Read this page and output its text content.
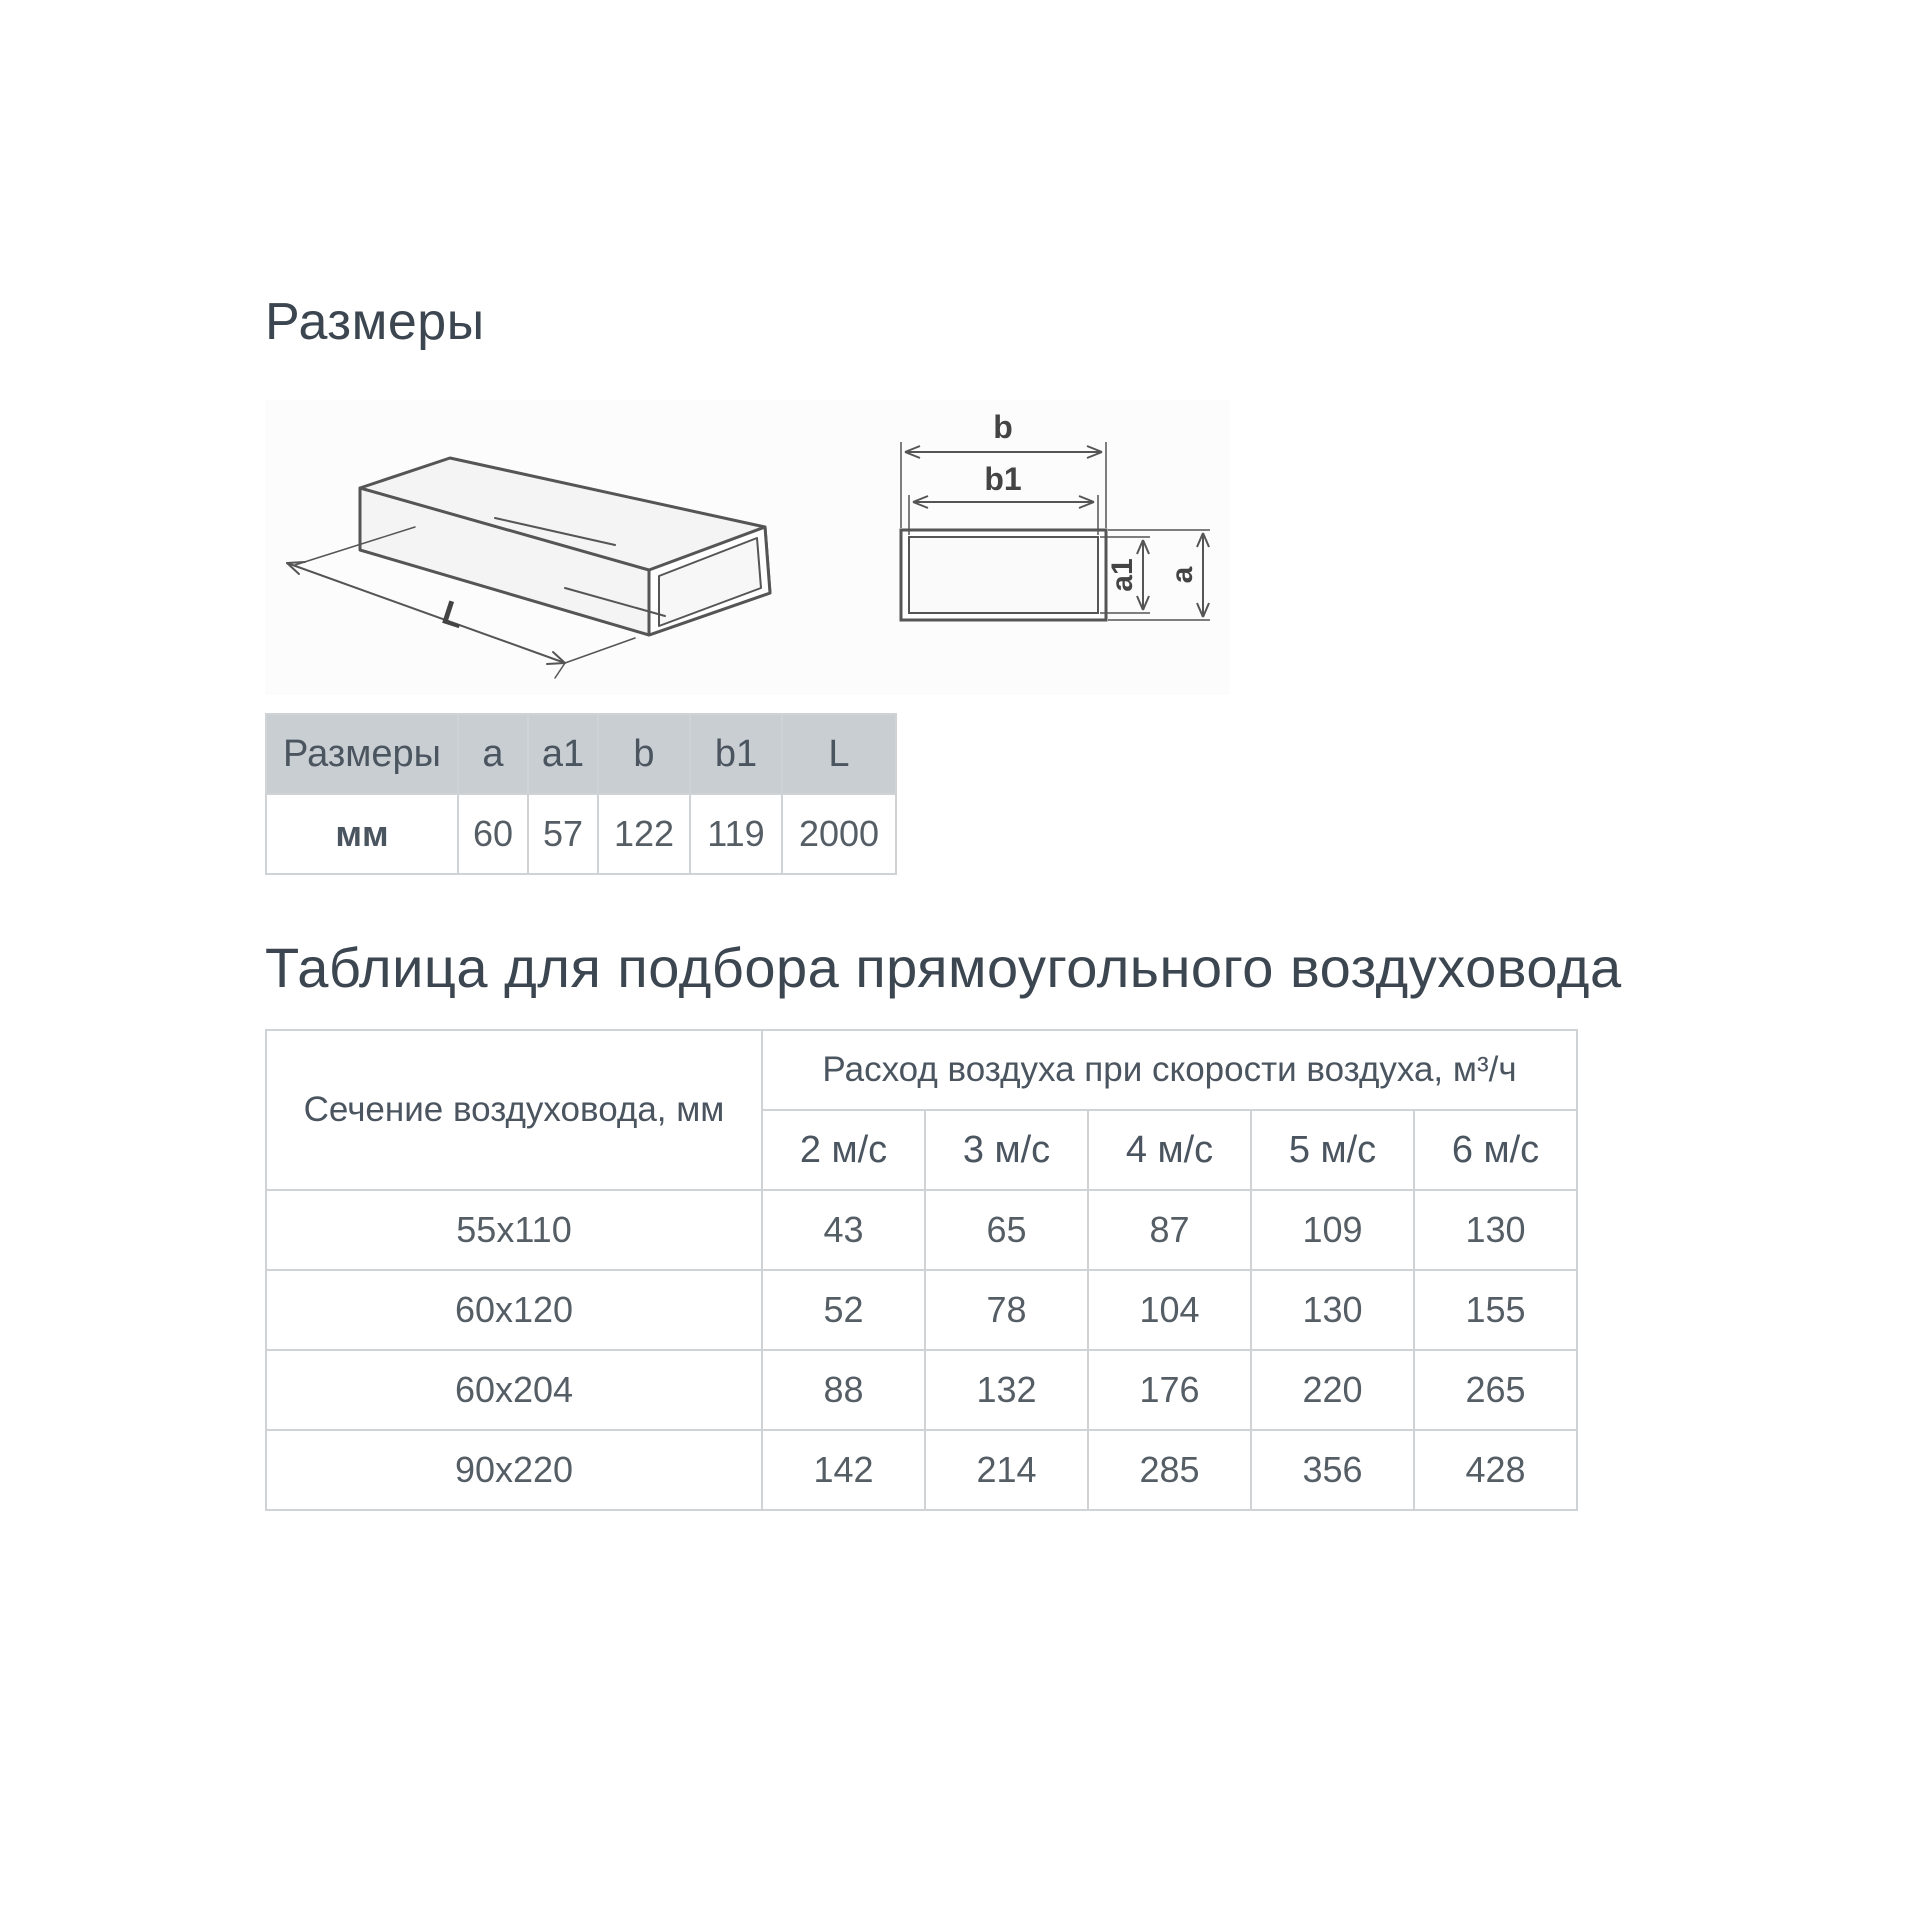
Размеры
L
b
b1
a1 a
Размеры	a	a1	b	b1	L
мм	60	57	122	119	2000
Таблица для подбора прямоугольного воздуховода
Сечение воздуховода, мм	Расход воздуха при скорости воздуха, м³/ч				
	2 м/с	3 м/с	4 м/с	5 м/с	6 м/с
55x110	43	65	87	109	130
60x120	52	78	104	130	155
60x204	88	132	176	220	265
90x220	142	214	285	356	428
